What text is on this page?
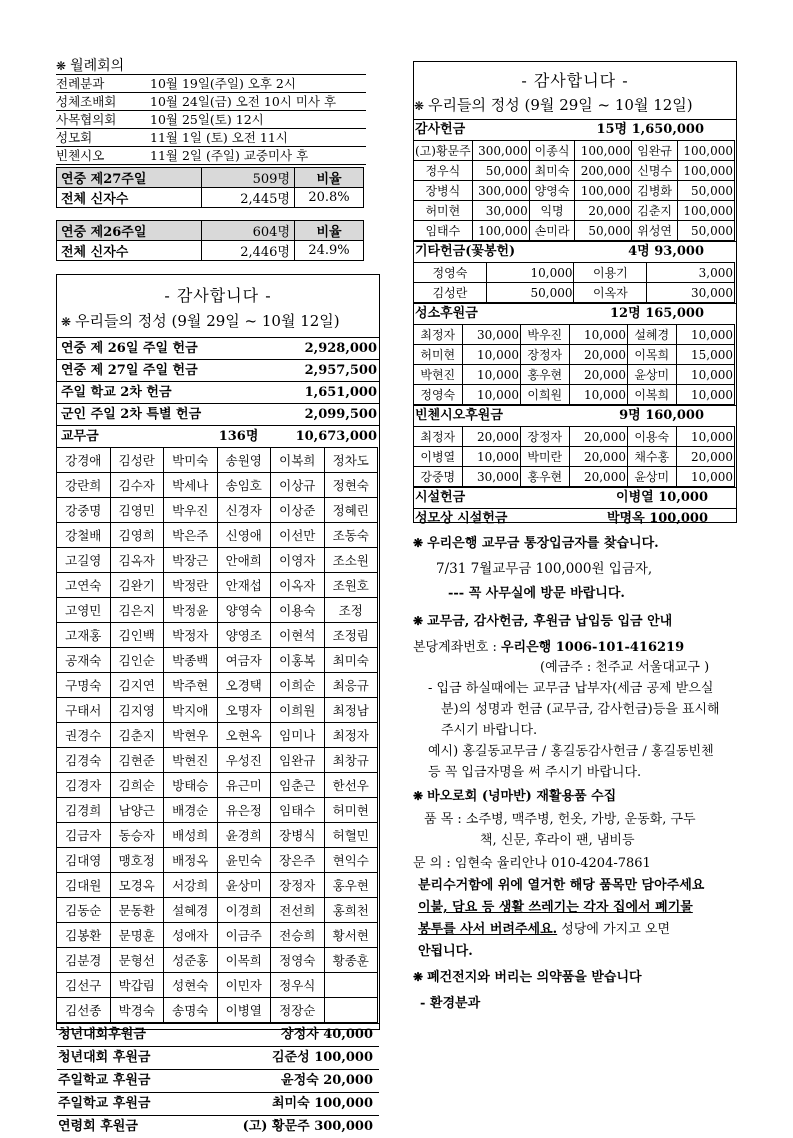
❋ 월례회의
전례분과	10월 19일(주일) 오후 2시
성체조배회	10월 24일(금) 오전 10시 미사 후
사목협의회	10월 25일(토) 12시
성모회	11월 1일 (토) 오전 11시
빈첸시오	11월 2일 (주일) 교중미사 후
연중 제27주일	509명	비율
전체 신자수	2,445명	20.8%
연중 제26주일	604명	비율
전체 신자수	2,446명	24.9%
- 감사합니다 -
❋ 우리들의 정성 (9월 29일 ~ 10월 12일)
연중 제 26일 주일 헌금	2,928,000
연중 제 27일 주일 헌금	2,957,500
주일 학교 2차 헌금	1,651,000
군인 주일 2차 특별 헌금	2,099,500
교무금	136명	10,673,000
강경애	김성란	박미숙	송원영	이복희	정차도
강란희	김수자	박세나	송임호	이상규	정현숙
강중명	김영민	박우진	신경자	이상준	정혜린
강철배	김영희	박은주	신영애	이선만	조동숙
고길영	김옥자	박장근	안애희	이영자	조소원
고연숙	김완기	박정란	안재섭	이옥자	조원호
고영민	김은지	박정윤	양영숙	이용숙	조정
고재홍	김인백	박정자	양영조	이현석	조정림
공재숙	김인순	박종백	여금자	이홍복	최미숙
구명숙	김지연	박주현	오경택	이희순	최응규
구태서	김지영	박지애	오명자	이희원	최정남
권경수	김춘지	박현우	오현옥	임미나	최정자
김경숙	김현준	박현진	우성진	임완규	최창규
김경자	김희순	방태승	유근미	임춘근	한선우
김경희	남양근	배경순	유은정	임태수	허미현
김금자	동승자	배성희	윤경희	장병식	허혈민
김대영	맹호정	배정옥	윤민숙	장은주	현익수
김대원	모경옥	서강희	윤상미	장정자	홍우현
김동순	문동환	설혜경	이경희	전선희	홍희천
김봉환	문명훈	성애자	이금주	전승희	황서현
김분경	문형선	성준홍	이목희	정영숙	황종훈
김선구	박갑림	성현숙	이민자	정우식	
김선종	박경숙	송명숙	이병열	정장순	
청년대회후원금	장정자 40,000
청년대회 후원금	김준성 100,000
주일학교 후원금	윤정숙 20,000
주일학교 후원금	최미숙 100,000
연령회 후원금	(고) 황문주 300,000
- 감사합니다 -
❋ 우리들의 정성 (9월 29일 ~ 10월 12일)
감사헌금	15명 1,650,000
(고)황문주	300,000	이종식	100,000	임완규	100,000
정우식	50,000	최미숙	200,000	신명수	100,000
장병식	300,000	양영숙	100,000	김병화	50,000
허미현	30,000	익명	20,000	김춘지	100,000
임태수	100,000	손미라	50,000	위성연	50,000
기타헌금(꽃봉헌)	4명 93,000
정영숙	10,000	이용기	3,000
김성란	50,000	이옥자	30,000
성소후원금	12명 165,000
최정자	30,000	박우진	10,000	설혜경	10,000
허미현	10,000	장정자	20,000	이목희	15,000
박현진	10,000	홍우현	20,000	윤상미	10,000
정영숙	10,000	이희원	10,000	이복희	10,000
빈첸시오후원금	9명 160,000
최정자	20,000	장정자	20,000	이용숙	10,000
이병열	10,000	박미란	20,000	채수홍	20,000
강중명	30,000	홍우현	20,000	윤상미	10,000
시설헌금	이병열 10,000
성모상 시설헌금	박명옥 100,000
❋ 우리은행 교무금 통장입금자를 찾습니다.
7/31 7월교무금 100,000원 입금자,
--- 꼭 사무실에 방문 바랍니다.
❋ 교무금, 감사헌금, 후원금 납입등 입금 안내
본당계좌번호 : 우리은행 1006-101-416219
(예금주 : 천주교 서울대교구 )
- 입금 하실때에는 교무금 납부자(세금 공제 받으실
분)의 성명과 헌금 (교무금, 감사헌금)등을 표시해
주시기 바랍니다.
예시) 홍길동교무금 / 홍길동감사헌금 / 홍길동빈첸
등 꼭 입금자명을 써 주시기 바랍니다.
❋ 바오로회 (넝마반) 재활용품 수집
품 목 : 소주병, 맥주병, 헌옷, 가방, 운동화, 구두
책, 신문, 후라이 팬, 냄비등
문 의 : 임현숙 율리안나 010-4204-7861
분리수거함에 위에 열거한 해당 품목만 담아주세요
이불, 담요 등 생활 쓰레기는 각자 집에서 폐기물
봉투를 사서 버려주세요. 성당에 가지고 오면
안됩니다.
❋ 폐건전지와 버리는 의약품을 받습니다
- 환경분과
